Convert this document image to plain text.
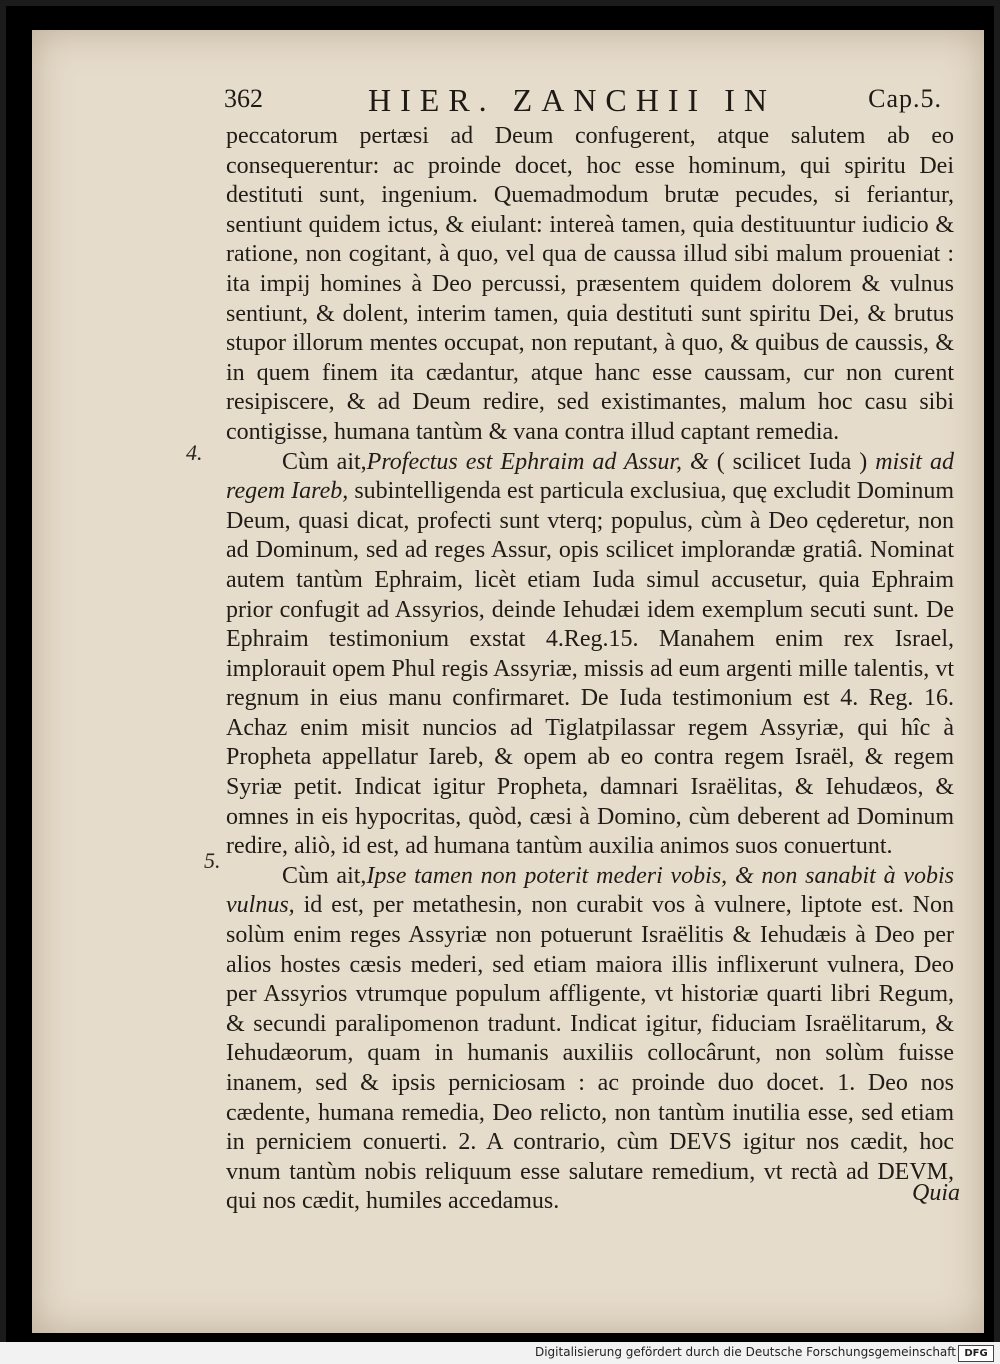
362	HIER. ZANCHII IN	Cap.5.
4.
5.

peccatorum pertæsi ad Deum confugerent, atque salutem ab eo consequerentur: ac proinde docet, hoc esse hominum, qui spiritu Dei destituti sunt, ingenium. Quemadmodum brutæ pecudes, si feriantur, sentiunt quidem ictus, & eiulant: intereà tamen, quia destituuntur iudicio & ratione, non cogitant, à quo, vel qua de caussa illud sibi malum proueniat : ita impij homines à Deo percussi, præsentem quidem dolorem & vulnus sentiunt, & dolent, interim tamen, quia destituti sunt spiritu Dei, & brutus stupor illorum mentes occupat, non reputant, à quo, & quibus de caussis, & in quem finem ita cædantur, atque hanc esse caussam, cur non curent resipiscere, & ad Deum redire, sed existimantes, malum hoc casu sibi contigisse, humana tantùm & vana contra illud captant remedia.

Cùm ait,Profectus est Ephraim ad Assur, & ( scilicet Iuda ) misit ad regem Iareb, subintelligenda est particula exclusiua, quę excludit Dominum Deum, quasi dicat, profecti sunt vterq; populus, cùm à Deo cęderetur, non ad Dominum, sed ad reges Assur, opis scilicet implorandæ gratiâ. Nominat autem tantùm Ephraim, licèt etiam Iuda simul accusetur, quia Ephraim prior confugit ad Assyrios, deinde Iehudæi idem exemplum secuti sunt. De Ephraim testimonium exstat 4.Reg.15. Manahem enim rex Israel, implorauit opem Phul regis Assyriæ, missis ad eum argenti mille talentis, vt regnum in eius manu confirmaret. De Iuda testimonium est 4. Reg. 16. Achaz enim misit nuncios ad Tiglatpilassar regem Assyriæ, qui hîc à Propheta appellatur Iareb, & opem ab eo contra regem Israël, & regem Syriæ petit. Indicat igitur Propheta, damnari Israëlitas, & Iehudæos, & omnes in eis hypocritas, quòd, cæsi à Domino, cùm deberent ad Dominum redire, aliò, id est, ad humana tantùm auxilia animos suos conuertunt.

Cùm ait,Ipse tamen non poterit mederi vobis, & non sanabit à vobis vulnus, id est, per metathesin, non curabit vos à vulnere, liptote est. Non solùm enim reges Assyriæ non potuerunt Israëlitis & Iehudæis à Deo per alios hostes cæsis mederi, sed etiam maiora illis inflixerunt vulnera, Deo per Assyrios vtrumque populum affligente, vt historiæ quarti libri Regum, & secundi paralipomenon tradunt. Indicat igitur, fiduciam Israëlitarum, & Iehudæorum, quam in humanis auxiliis collocârunt, non solùm fuisse inanem, sed & ipsis perniciosam : ac proinde duo docet. 1. Deo nos cædente, humana remedia, Deo relicto, non tantùm inutilia esse, sed etiam in perniciem conuerti. 2. A contrario, cùm DEVS igitur nos cædit, hoc vnum tantùm nobis reliquum esse salutare remedium, vt rectà ad DEVM, qui nos cædit, humiles accedamus.	Quia
Digitalisierung gefördert durch die Deutsche Forschungsgemeinschaft DFG
